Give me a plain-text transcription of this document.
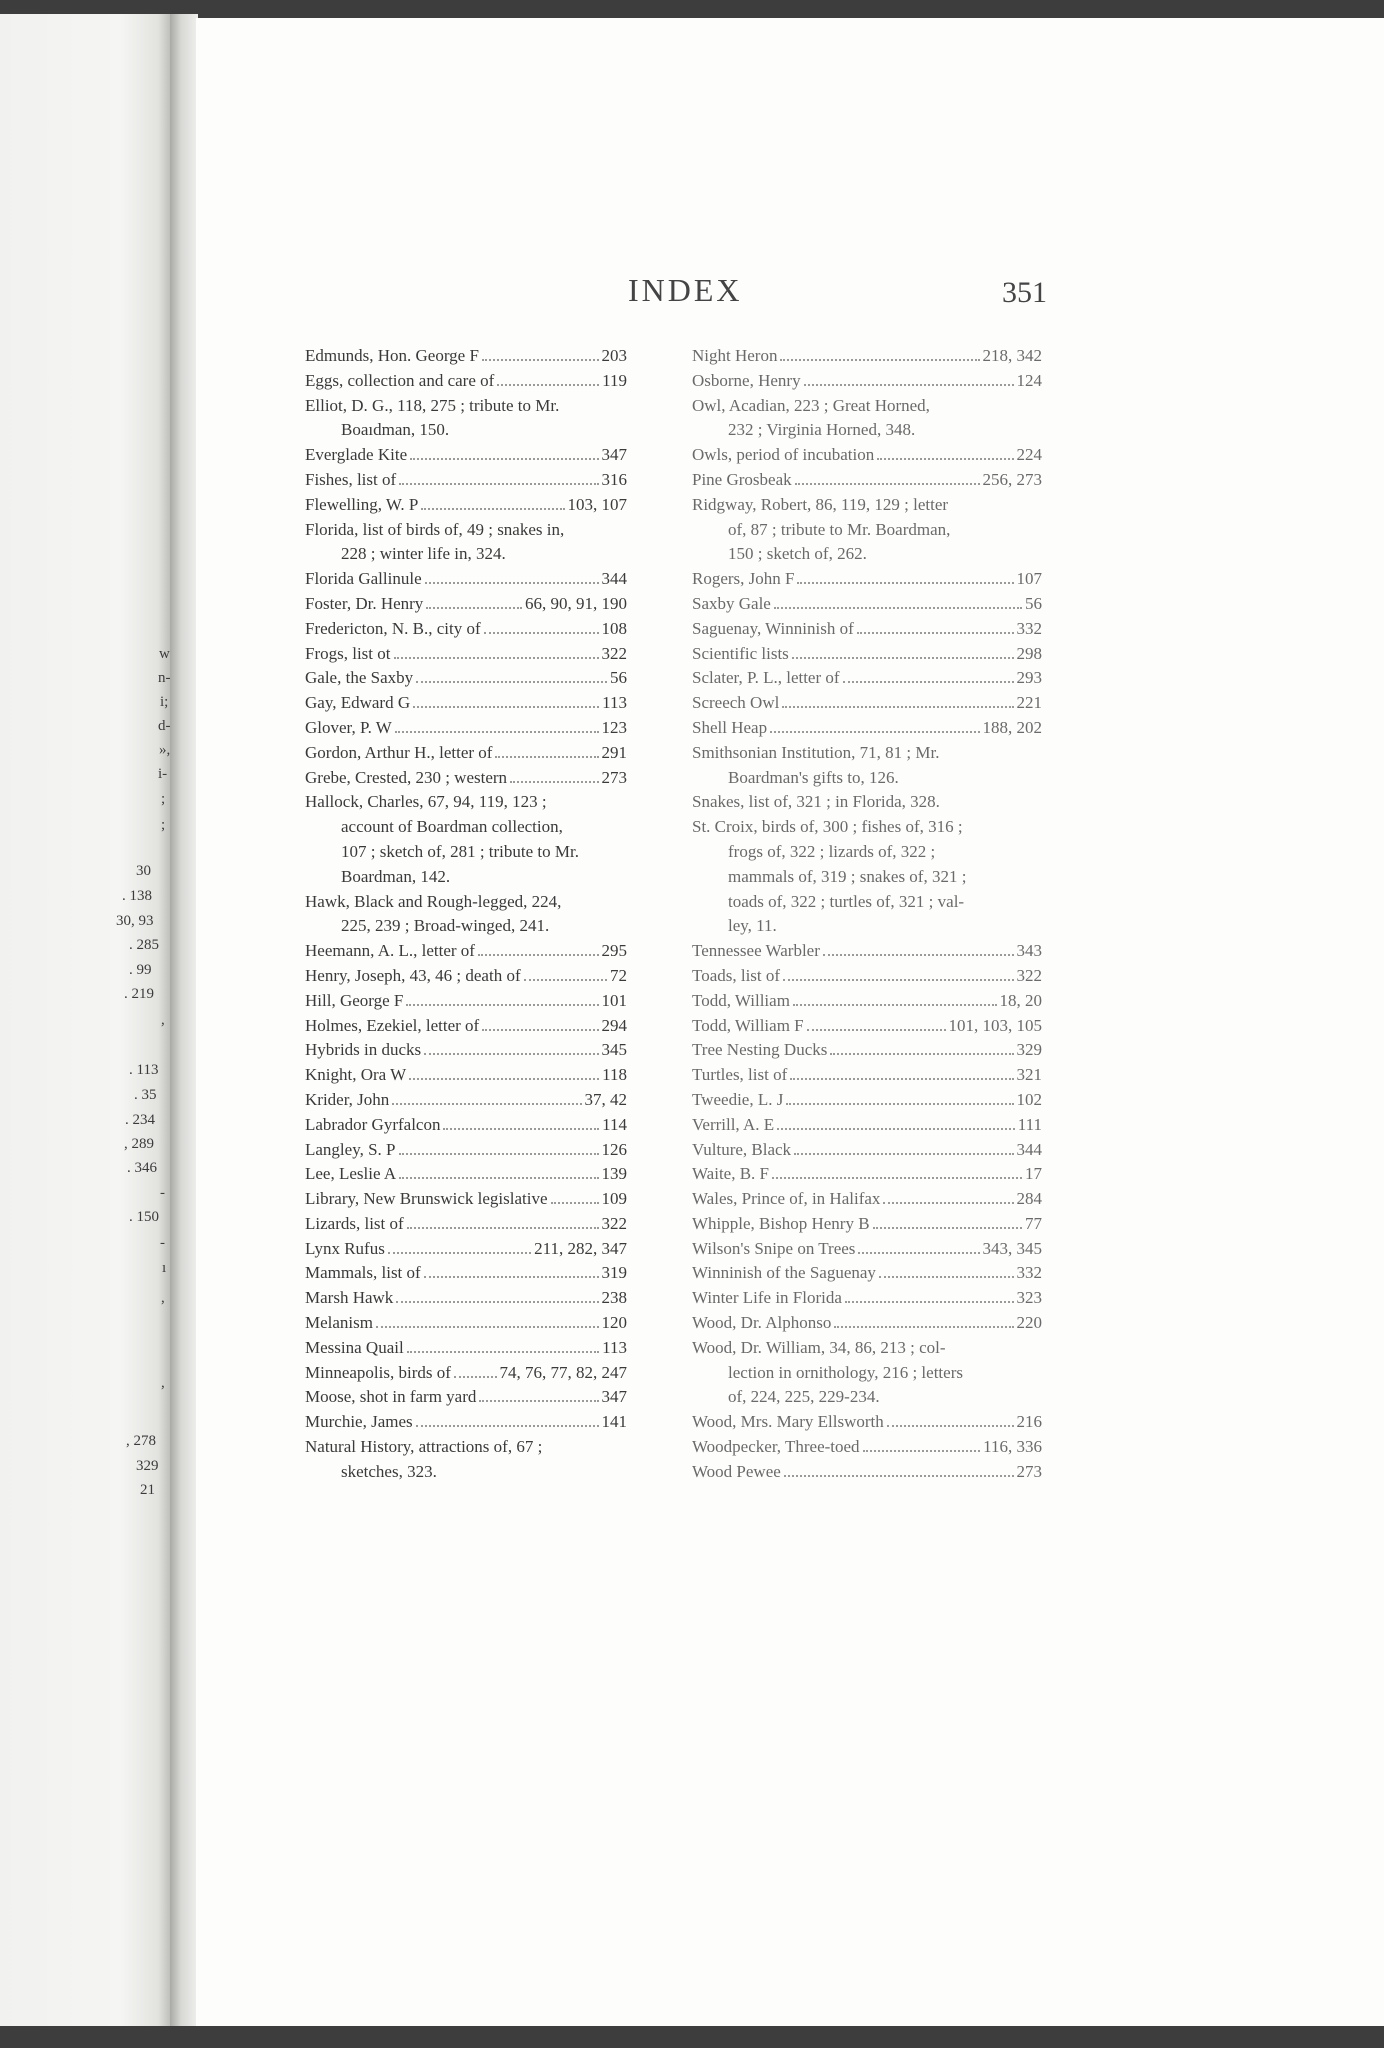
w
n-
i;
d-
»,
i-
;
;
30
. 138
30, 93
. 285
. 99
. 219
,
. 113
. 35
. 234
, 289
. 346
-
. 150
-
ı
,
,
, 278
329
21
INDEX	351
Edmunds, Hon. George F	203
Eggs, collection and care of	119
Elliot, D. G., 118, 275 ; tribute to Mr.
Boaıdman, 150.
Everglade Kite	347
Fishes, list of	316
Flewelling, W. P	103, 107
Florida, list of birds of, 49 ; snakes in,
228 ; winter life in, 324.
Florida Gallinule	344
Foster, Dr. Henry	66, 90, 91, 190
Fredericton, N. B., city of	108
Frogs, list ot	322
Gale, the Saxby	56
Gay, Edward G	113
Glover, P. W	123
Gordon, Arthur H., letter of	291
Grebe, Crested, 230 ; western	273
Hallock, Charles, 67, 94, 119, 123 ;
account of Boardman collection,
107 ; sketch of, 281 ; tribute to Mr.
Boardman, 142.
Hawk, Black and Rough-legged, 224,
225, 239 ; Broad-winged, 241.
Heemann, A. L., letter of	295
Henry, Joseph, 43, 46 ; death of	72
Hill, George F	101
Holmes, Ezekiel, letter of	294
Hybrids in ducks	345
Knight, Ora W	118
Krider, John	37, 42
Labrador Gyrfalcon	114
Langley, S. P	126
Lee, Leslie A	139
Library, New Brunswick legislative	109
Lizards, list of	322
Lynx Rufus	211, 282, 347
Mammals, list of	319
Marsh Hawk	238
Melanism	120
Messina Quail	113
Minneapolis, birds of	74, 76, 77, 82, 247
Moose, shot in farm yard	347
Murchie, James	141
Natural History, attractions of, 67 ;
sketches, 323.
Night Heron	218, 342
Osborne, Henry	124
Owl, Acadian, 223 ; Great Horned,
232 ; Virginia Horned, 348.
Owls, period of incubation	224
Pine Grosbeak	256, 273
Ridgway, Robert, 86, 119, 129 ; letter
of, 87 ; tribute to Mr. Boardman,
150 ; sketch of, 262.
Rogers, John F	107
Saxby Gale	56
Saguenay, Winninish of	332
Scientific lists	298
Sclater, P. L., letter of	293
Screech Owl	221
Shell Heap	188, 202
Smithsonian Institution, 71, 81 ; Mr.
Boardman's gifts to, 126.
Snakes, list of, 321 ; in Florida, 328.
St. Croix, birds of, 300 ; fishes of, 316 ;
frogs of, 322 ; lizards of, 322 ;
mammals of, 319 ; snakes of, 321 ;
toads of, 322 ; turtles of, 321 ; val-
ley, 11.
Tennessee Warbler	343
Toads, list of	322
Todd, William	18, 20
Todd, William F	101, 103, 105
Tree Nesting Ducks	329
Turtles, list of	321
Tweedie, L. J	102
Verrill, A. E	111
Vulture, Black	344
Waite, B. F	17
Wales, Prince of, in Halifax	284
Whipple, Bishop Henry B	77
Wilson's Snipe on Trees	343, 345
Winninish of the Saguenay	332
Winter Life in Florida	323
Wood, Dr. Alphonso	220
Wood, Dr. William, 34, 86, 213 ; col-
lection in ornithology, 216 ; letters
of, 224, 225, 229-234.
Wood, Mrs. Mary Ellsworth	216
Woodpecker, Three-toed	116, 336
Wood Pewee	273
